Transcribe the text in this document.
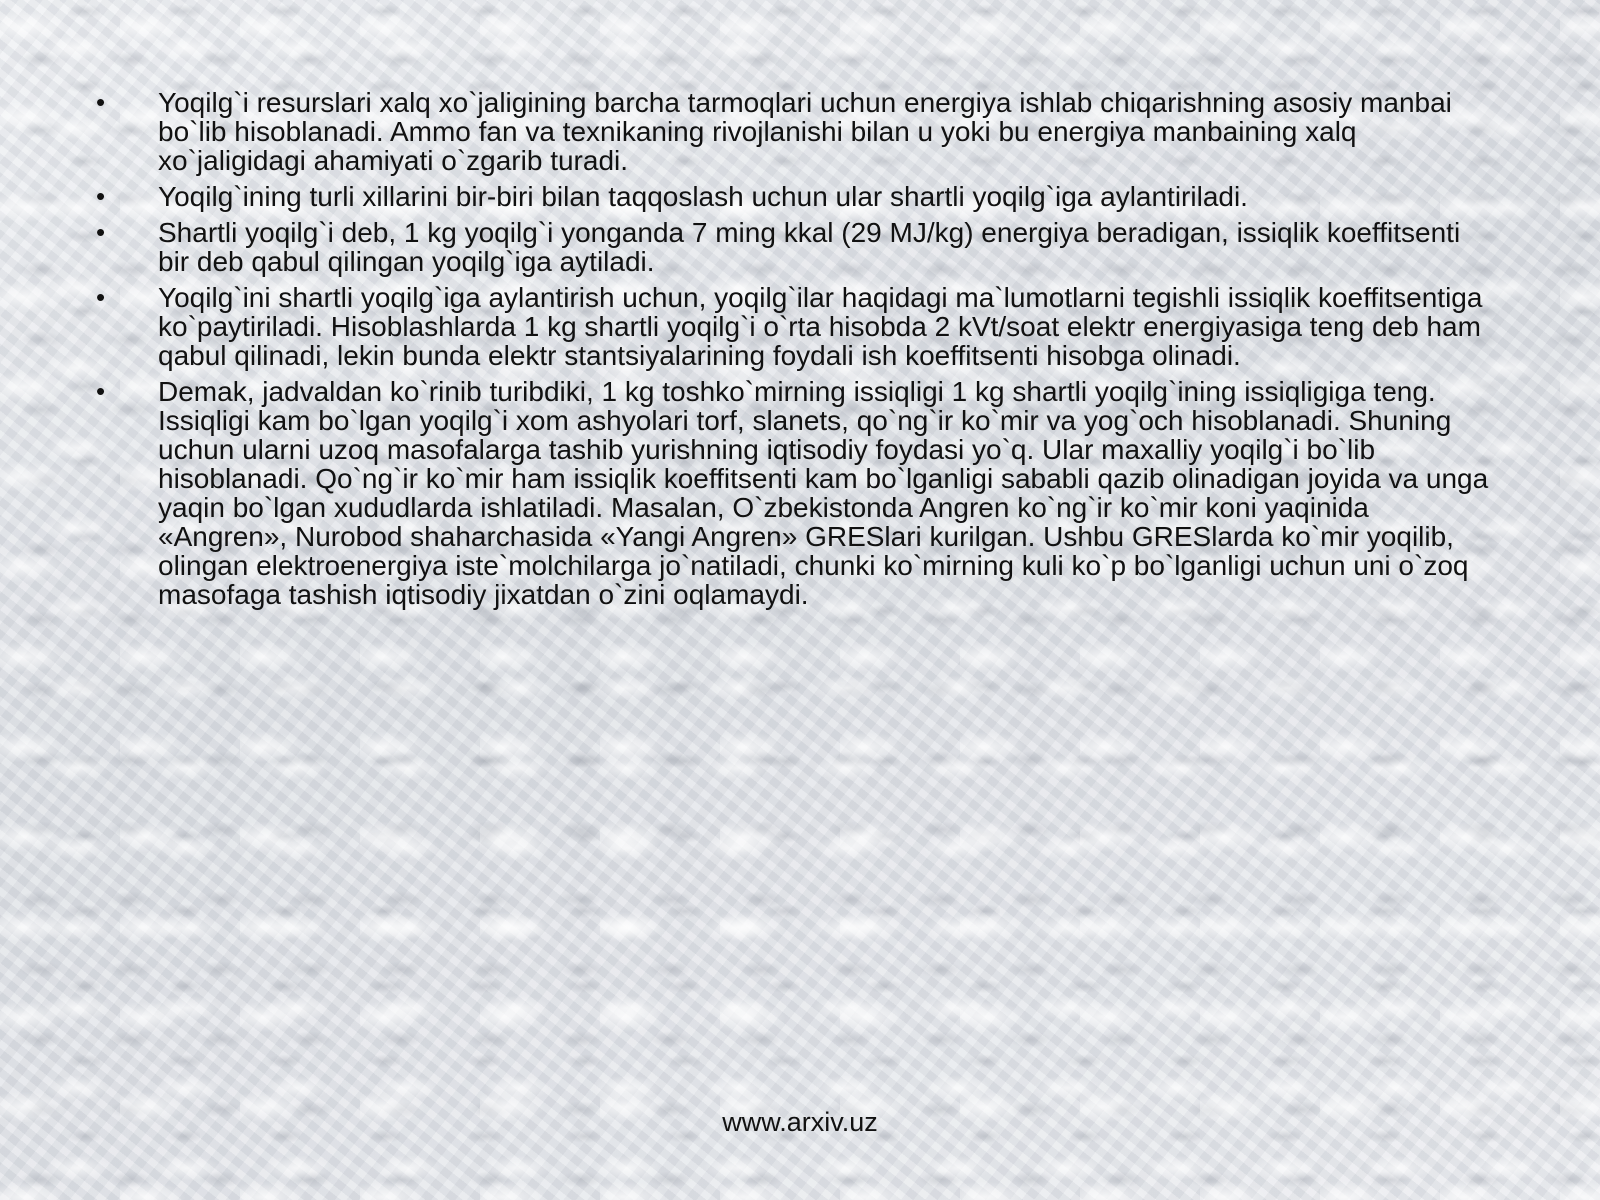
•	Yoqilg`i resurslari xalq xo`jaligining barcha tarmoqlari uchun energiya ishlab chiqarishning asosiy manbai bo`lib hisoblanadi. Ammo fan va texnikaning rivojlanishi bilan u yoki bu energiya manbaining xalq xo`jaligidagi ahamiyati o`zgarib turadi.
•	Yoqilg`ining turli xillarini bir-biri bilan taqqoslash uchun ular shartli yoqilg`iga aylantiriladi.
•	Shartli yoqilg`i deb, 1 kg yoqilg`i yonganda 7 ming kkal (29 MJ/kg) energiya beradigan, issiqlik koeffitsenti bir deb qabul qilingan yoqilg`iga aytiladi.
•	Yoqilg`ini shartli yoqilg`iga aylantirish uchun, yoqilg`ilar haqidagi ma`lumotlarni tegishli issiqlik koeffitsentiga ko`paytiriladi. Hisoblashlarda 1 kg shartli yoqilg`i o`rta hisobda 2 kVt/soat elektr energiyasiga teng deb ham qabul qilinadi, lekin bunda elektr stantsiyalarining foydali ish koeffitsenti hisobga olinadi.
•	Demak, jadvaldan ko`rinib turibdiki, 1 kg toshko`mirning issiqligi 1 kg shartli yoqilg`ining issiqligiga teng. Issiqligi kam bo`lgan yoqilg`i xom ashyolari torf, slanets, qo`ng`ir ko`mir va yog`och hisoblanadi. Shuning uchun ularni uzoq masofalarga tashib yurishning iqtisodiy foydasi yo`q. Ular maxalliy yoqilg`i bo`lib hisoblanadi. Qo`ng`ir ko`mir ham issiqlik koeffitsenti kam bo`lganligi sababli qazib olinadigan joyida va unga yaqin bo`lgan xududlarda ishlatiladi. Masalan, O`zbekistonda Angren ko`ng`ir ko`mir koni yaqinida «Angren», Nurobod shaharchasida «Yangi Angren» GRESlari kurilgan. Ushbu GRESlarda ko`mir yoqilib, olingan elektroenergiya iste`molchilarga jo`natiladi, chunki ko`mirning kuli ko`p bo`lganligi uchun uni o`zoq masofaga tashish iqtisodiy jixatdan o`zini oqlamaydi.
www.arxiv.uz
